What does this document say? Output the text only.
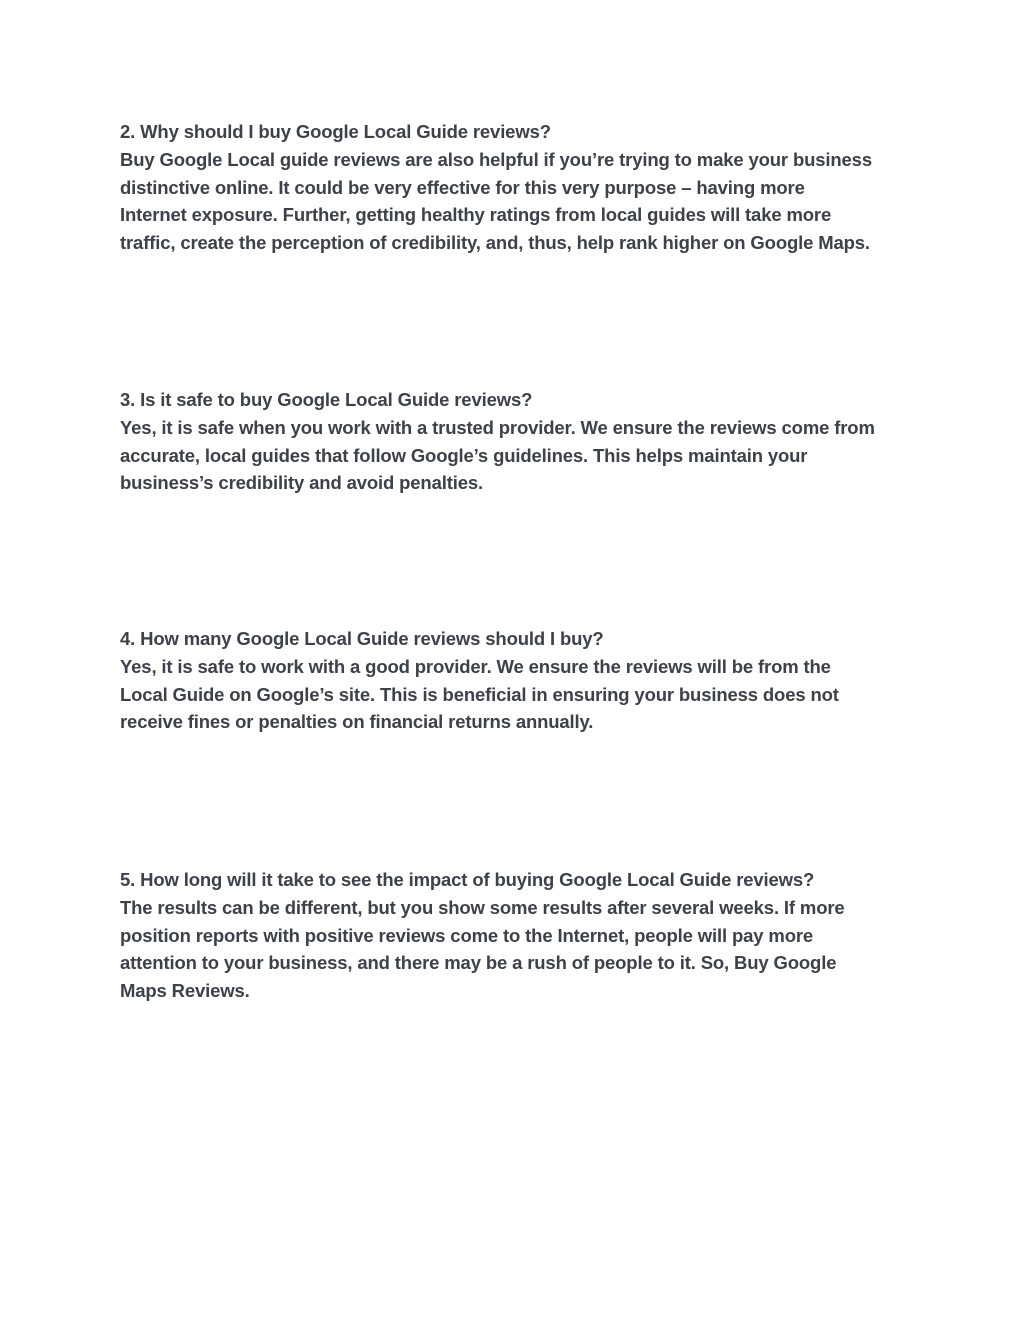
2. Why should I buy Google Local Guide reviews?

Buy Google Local guide reviews are also helpful if you’re trying to make your business

distinctive online. It could be very effective for this very purpose – having more

Internet exposure. Further, getting healthy ratings from local guides will take more

traffic, create the perception of credibility, and, thus, help rank higher on Google Maps.

3. Is it safe to buy Google Local Guide reviews?

Yes, it is safe when you work with a trusted provider. We ensure the reviews come from

accurate, local guides that follow Google’s guidelines. This helps maintain your

business’s credibility and avoid penalties.

4. How many Google Local Guide reviews should I buy?

Yes, it is safe to work with a good provider. We ensure the reviews will be from the

Local Guide on Google’s site. This is beneficial in ensuring your business does not

receive fines or penalties on financial returns annually.

5. How long will it take to see the impact of buying Google Local Guide reviews?

The results can be different, but you show some results after several weeks. If more

position reports with positive reviews come to the Internet, people will pay more

attention to your business, and there may be a rush of people to it. So, Buy Google

Maps Reviews.
